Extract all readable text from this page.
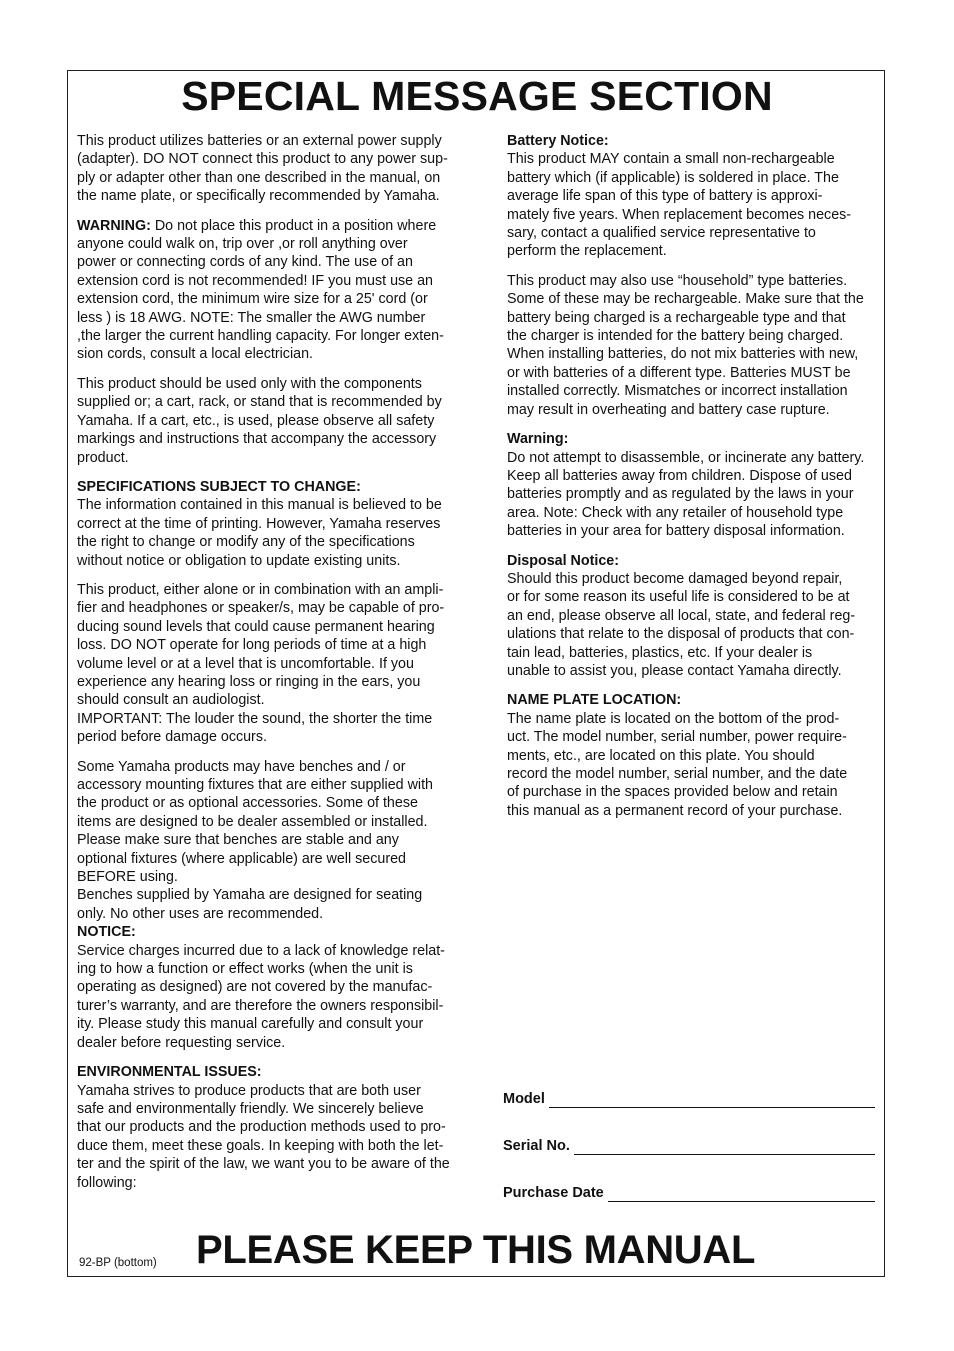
SPECIAL MESSAGE SECTION

This product utilizes batteries or an external power supply
(adapter). DO NOT connect this product to any power sup-
ply or adapter other than one described in the manual, on
the name plate, or specifically recommended by Yamaha.

WARNING: Do not place this product in a position where
anyone could walk on, trip over ,or roll anything over
power or connecting cords of any kind. The use of an
extension cord is not recommended! IF you must use an
extension cord, the minimum wire size for a 25' cord (or
less ) is 18 AWG. NOTE: The smaller the AWG number
,the larger the current handling capacity. For longer exten-
sion cords, consult a local electrician.

This product should be used only with the components
supplied or; a cart, rack, or stand that is recommended by
Yamaha. If a cart, etc., is used, please observe all safety
markings and instructions that accompany the accessory
product.

SPECIFICATIONS SUBJECT TO CHANGE:

The information contained in this manual is believed to be
correct at the time of printing. However, Yamaha reserves
the right to change or modify any of the specifications
without notice or obligation to update existing units.

This product, either alone or in combination with an ampli-
fier and headphones or speaker/s, may be capable of pro-
ducing sound levels that could cause permanent hearing
loss. DO NOT operate for long periods of time at a high
volume level or at a level that is uncomfortable. If you
experience any hearing loss or ringing in the ears, you
should consult an audiologist.
IMPORTANT: The louder the sound, the shorter the time
period before damage occurs.

Some Yamaha products may have benches and / or
accessory mounting fixtures that are either supplied with
the product or as optional accessories. Some of these
items are designed to be dealer assembled or installed.
Please make sure that benches are stable and any
optional fixtures (where applicable) are well secured
BEFORE using.
Benches supplied by Yamaha are designed for seating
only. No other uses are recommended.

NOTICE:

Service charges incurred due to a lack of knowledge relat-
ing to how a function or effect works (when the unit is
operating as designed) are not covered by the manufac-
turer’s warranty, and are therefore the owners responsibil-
ity. Please study this manual carefully and consult your
dealer before requesting service.

ENVIRONMENTAL ISSUES:

Yamaha strives to produce products that are both user
safe and environmentally friendly. We sincerely believe
that our products and the production methods used to pro-
duce them, meet these goals. In keeping with both the let-
ter and the spirit of the law, we want you to be aware of the
following:

Battery Notice:

This product MAY contain a small non-rechargeable
battery which (if applicable) is soldered in place. The
average life span of this type of battery is approxi-
mately five years. When replacement becomes neces-
sary, contact a qualified service representative to
perform the replacement.

This product may also use “household” type batteries.
Some of these may be rechargeable. Make sure that the
battery being charged is a rechargeable type and that
the charger is intended for the battery being charged.
When installing batteries, do not mix batteries with new,
or with batteries of a different type. Batteries MUST be
installed correctly. Mismatches or incorrect installation
may result in overheating and battery case rupture.

Warning:

Do not attempt to disassemble, or incinerate any battery.
Keep all batteries away from children. Dispose of used
batteries promptly and as regulated by the laws in your
area. Note: Check with any retailer of household type
batteries in your area for battery disposal information.

Disposal Notice:

Should this product become damaged beyond repair,
or for some reason its useful life is considered to be at
an end, please observe all local, state, and federal reg-
ulations that relate to the disposal of products that con-
tain lead, batteries, plastics, etc. If your dealer is
unable to assist you, please contact Yamaha directly.

NAME PLATE LOCATION:

The name plate is located on the bottom of the prod-
uct. The model number, serial number, power require-
ments, etc., are located on this plate. You should
record the model number, serial number, and the date
of purchase in the spaces provided below and retain
this manual as a permanent record of your purchase.

Model
Serial No.
Purchase Date
92-BP (bottom) PLEASE KEEP THIS MANUAL
